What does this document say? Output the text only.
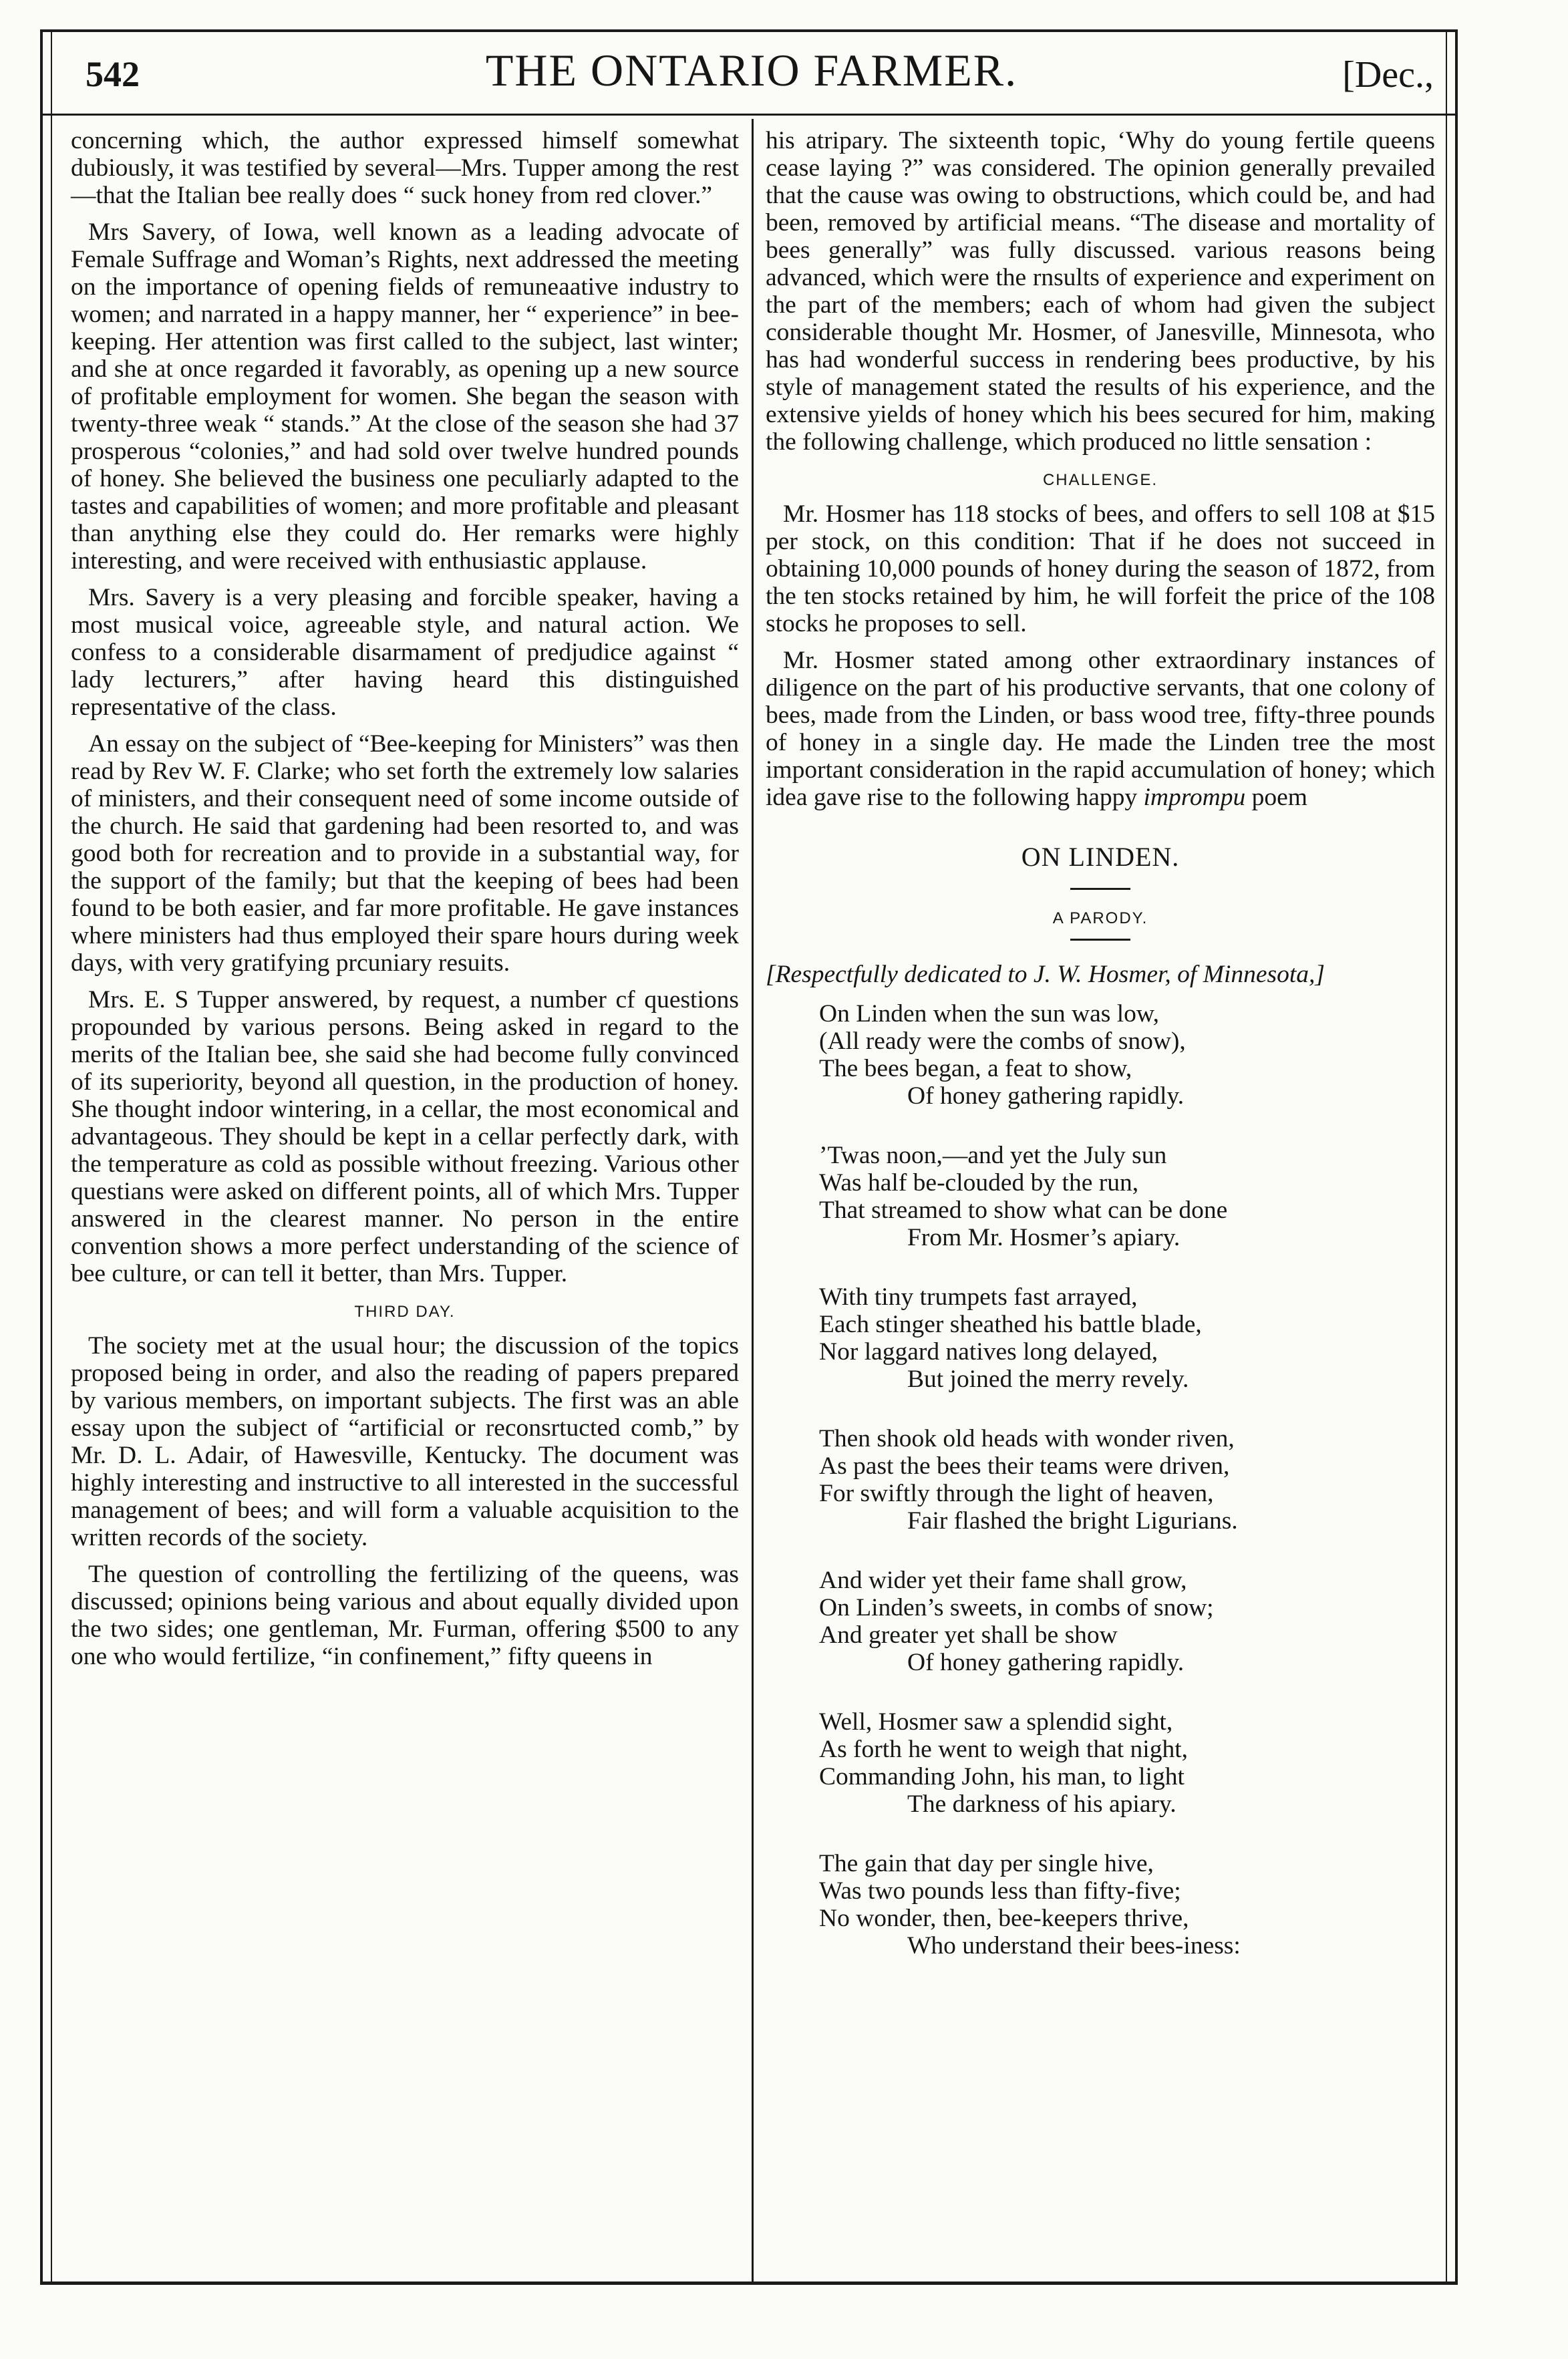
542	THE ONTARIO FARMER.	[Dec.,

concerning which, the author expressed himself somewhat dubiously, it was testified by several—Mrs. Tupper among the rest—that the Italian bee really does “ suck honey from red clover.”

Mrs Savery, of Iowa, well known as a leading advocate of Female Suffrage and Woman’s Rights, next addressed the meeting on the importance of opening fields of remuneaative industry to women; and narrated in a happy manner, her “ experience” in bee-keeping. Her attention was first called to the subject, last winter; and she at once regarded it favorably, as opening up a new source of profitable employment for women. She began the season with twenty-three weak “ stands.” At the close of the season she had 37 prosperous “colonies,” and had sold over twelve hundred pounds of honey. She believed the business one peculiarly adapted to the tastes and capabilities of women; and more profitable and pleasant than anything else they could do. Her remarks were highly interesting, and were received with enthusiastic applause.

Mrs. Savery is a very pleasing and forcible speaker, having a most musical voice, agreeable style, and natural action. We confess to a considerable disarmament of predjudice against “ lady lecturers,” after having heard this distinguished representative of the class.

An essay on the subject of “Bee-keeping for Ministers” was then read by Rev W. F. Clarke; who set forth the extremely low salaries of ministers, and their consequent need of some income outside of the church. He said that gardening had been resorted to, and was good both for recreation and to provide in a substantial way, for the support of the family; but that the keeping of bees had been found to be both easier, and far more profitable. He gave instances where ministers had thus employed their spare hours during week days, with very gratifying prcuniary resuits.

Mrs. E. S Tupper answered, by request, a number cf questions propounded by various persons. Being asked in regard to the merits of the Italian bee, she said she had become fully convinced of its superiority, beyond all question, in the production of honey. She thought indoor wintering, in a cellar, the most economical and advantageous. They should be kept in a cellar perfectly dark, with the temperature as cold as possible without freezing. Various other questians were asked on different points, all of which Mrs. Tupper answered in the clearest manner. No person in the entire convention shows a more perfect understanding of the science of bee culture, or can tell it better, than Mrs. Tupper.

THIRD DAY.

The society met at the usual hour; the discussion of the topics proposed being in order, and also the reading of papers prepared by various members, on important subjects. The first was an able essay upon the subject of “artificial or reconsrtucted comb,” by Mr. D. L. Adair, of Hawesville, Kentucky. The document was highly interesting and instructive to all interested in the successful management of bees; and will form a valuable acquisition to the written records of the society.

The question of controlling the fertilizing of the queens, was discussed; opinions being various and about equally divided upon the two sides; one gentleman, Mr. Furman, offering $500 to any one who would fertilize, “in confinement,” fifty queens in

his atripary. The sixteenth topic, ‘Why do young fertile queens cease laying ?” was considered. The opinion generally prevailed that the cause was owing to obstructions, which could be, and had been, removed by artificial means. “The disease and mortality of bees generally” was fully discussed. various reasons being advanced, which were the rnsults of experience and experiment on the part of the members; each of whom had given the subject considerable thought Mr. Hosmer, of Janesville, Minnesota, who has had wonderful success in rendering bees productive, by his style of management stated the results of his experience, and the extensive yields of honey which his bees secured for him, making the following challenge, which produced no little sensation :

CHALLENGE.

Mr. Hosmer has 118 stocks of bees, and offers to sell 108 at $15 per stock, on this condition: That if he does not succeed in obtaining 10,000 pounds of honey during the season of 1872, from the ten stocks retained by him, he will forfeit the price of the 108 stocks he proposes to sell.

Mr. Hosmer stated among other extraordinary instances of diligence on the part of his productive servants, that one colony of bees, made from the Linden, or bass wood tree, fifty-three pounds of honey in a single day. He made the Linden tree the most important consideration in the rapid accumulation of honey; which idea gave rise to the following happy imprompu poem

ON LINDEN.
A PARODY.
[Respectfully dedicated to J. W. Hosmer, of Minnesota,]
On Linden when the sun was low,
(All ready were the combs of snow),
The bees began, a feat to show,
Of honey gathering rapidly.
’Twas noon,—and yet the July sun
Was half be-clouded by the run,
That streamed to show what can be done
From Mr. Hosmer’s apiary.
With tiny trumpets fast arrayed,
Each stinger sheathed his battle blade,
Nor laggard natives long delayed,
But joined the merry revely.
Then shook old heads with wonder riven,
As past the bees their teams were driven,
For swiftly through the light of heaven,
Fair flashed the bright Ligurians.
And wider yet their fame shall grow,
On Linden’s sweets, in combs of snow;
And greater yet shall be show
Of honey gathering rapidly.
Well, Hosmer saw a splendid sight,
As forth he went to weigh that night,
Commanding John, his man, to light
The darkness of his apiary.
The gain that day per single hive,
Was two pounds less than fifty-five;
No wonder, then, bee-keepers thrive,
Who understand their bees-iness:
